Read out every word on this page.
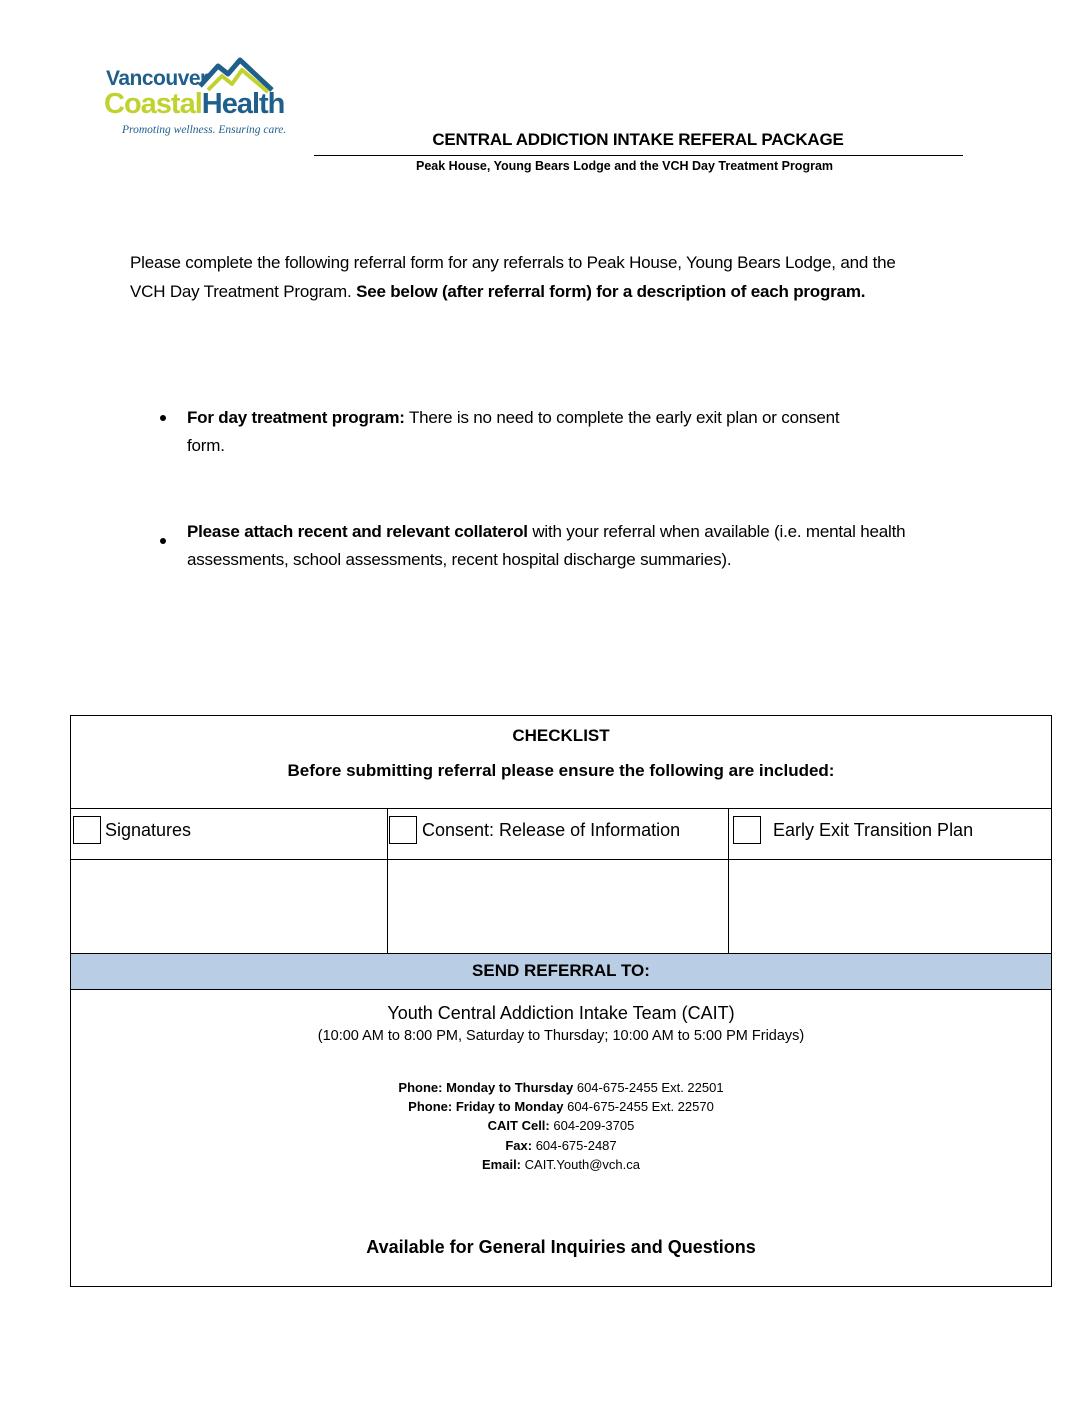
Vancouver
CoastalHealth
Promoting wellness. Ensuring care.	CENTRAL ADDICTION INTAKE REFERAL PACKAGE
Peak House, Young Bears Lodge and the VCH Day Treatment Program
Please complete the following referral form for any referrals to Peak House, Young Bears Lodge, and the VCH Day Treatment Program. See below (after referral form) for a description of each program.
For day treatment program: There is no need to complete the early exit plan or consent form.
Please attach recent and relevant collaterol with your referral when available (i.e. mental health assessments, school assessments, recent hospital discharge summaries).
CHECKLIST
Before submitting referral please ensure the following are included:
Signatures	Consent: Release of Information	Early Exit Transition Plan
SEND REFERRAL TO:
Youth Central Addiction Intake Team (CAIT)
(10:00 AM to 8:00 PM, Saturday to Thursday; 10:00 AM to 5:00 PM Fridays)
Phone: Monday to Thursday 604-675-2455 Ext. 22501
Phone: Friday to Monday 604-675-2455 Ext. 22570
CAIT Cell: 604-209-3705
Fax: 604-675-2487
Email: CAIT.Youth@vch.ca
Available for General Inquiries and Questions
